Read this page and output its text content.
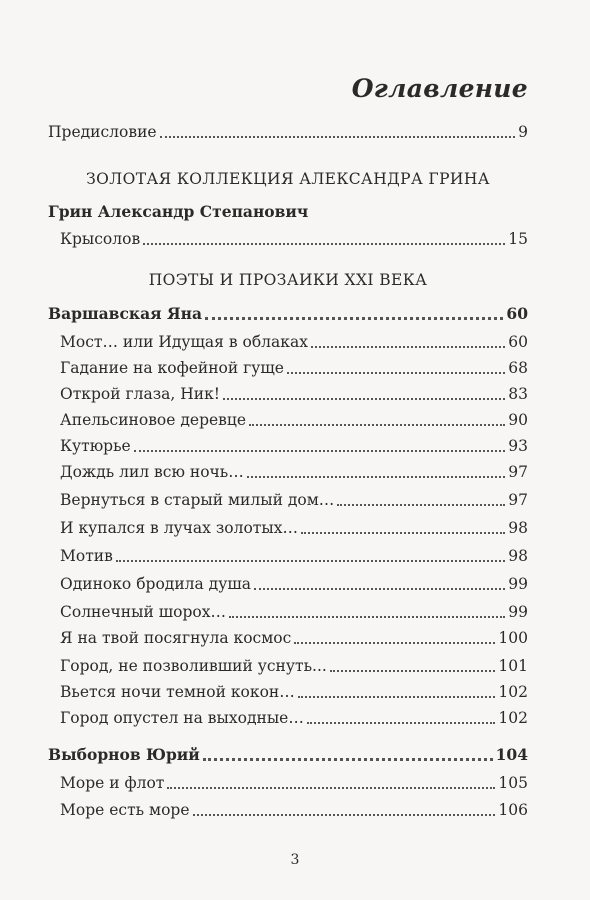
Оглавление
Предисловие	9
ЗОЛОТАЯ КОЛЛЕКЦИЯ АЛЕКСАНДРА ГРИНА
Грин Александр Степанович
Крысолов	15
ПОЭТЫ И ПРОЗАИКИ XXI ВЕКА
Варшавская Яна	60
Мост… или Идущая в облаках	60
Гадание на кофейной гуще	68
Открой глаза, Ник!	83
Апельсиновое деревце	90
Кутюрье	93
Дождь лил всю ночь…	97
Вернуться в старый милый дом…	97
И купался в лучах золотых…	98
Мотив	98
Одиноко бродила душа	99
Солнечный шорох…	99
Я на твой посягнула космос	100
Город, не позволивший уснуть...	101
Вьется ночи темной кокон…	102
Город опустел на выходные…	102
Выборнов Юрий	104
Море и флот	105
Море есть море	106
3
